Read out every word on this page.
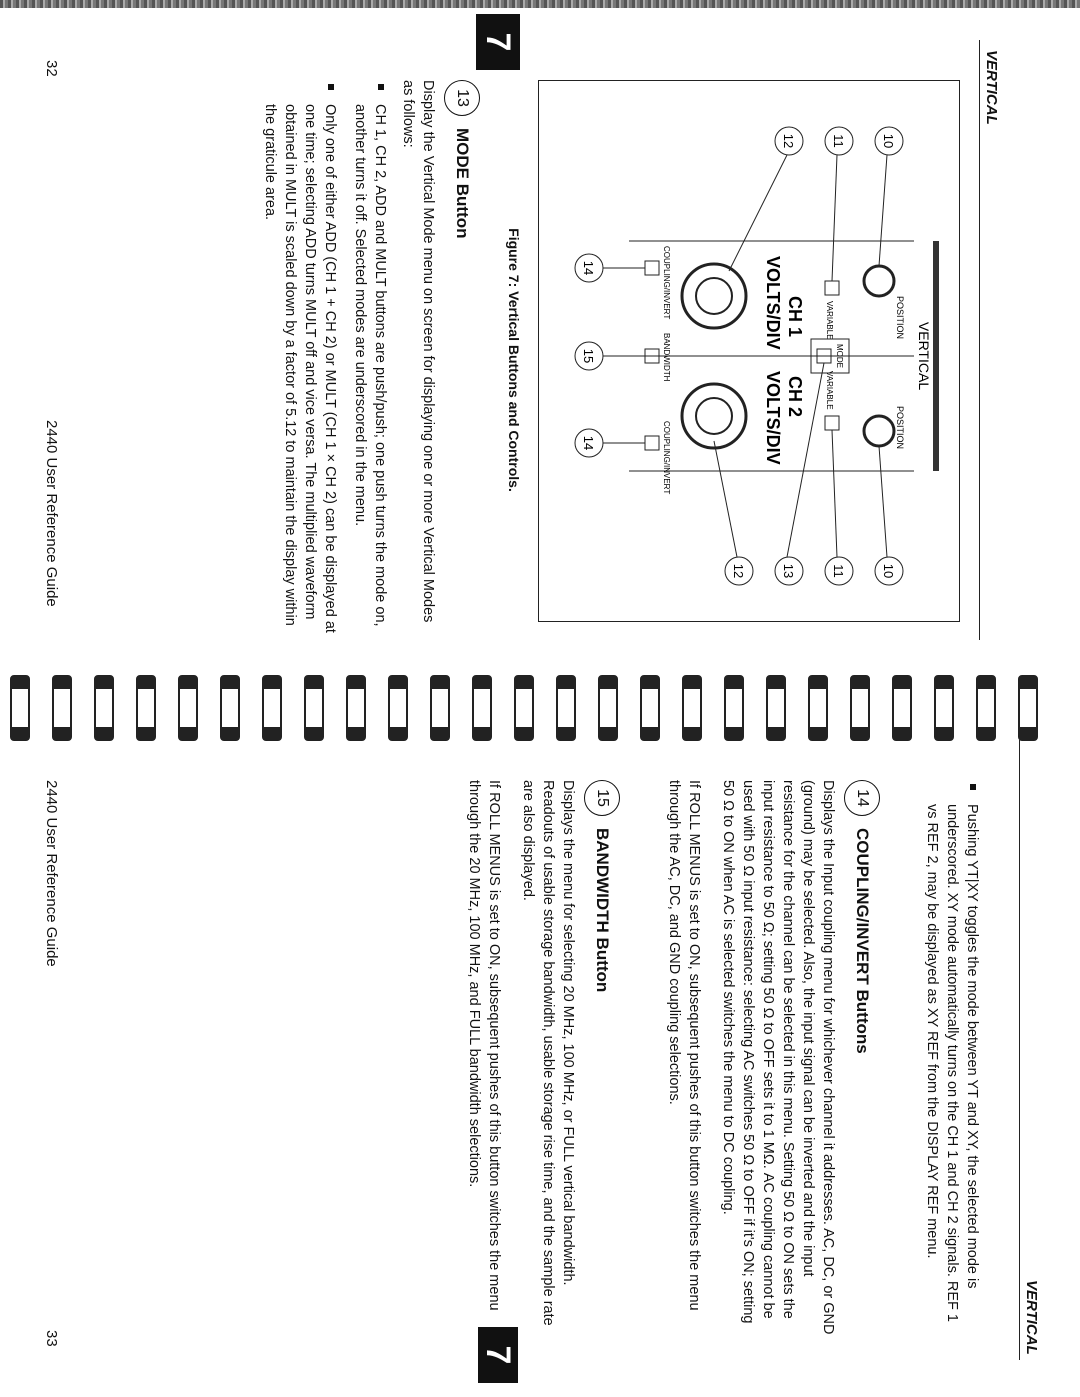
VERTICAL
VERTICAL
POSITION
POSITION
VARIABLE
VARIABLE
MODE
CH 1
CH 2
VOLTS/DIV
VOLTS/DIV
COUPLING/INVERT
BANDWIDTH
COUPLING/INVERT
10
11
12
10
11
13
12
14
15
14
Figure 7: Vertical Buttons and Controls.
13
MODE Button

Display the Vertical Mode menu on screen for displaying one or more Vertical Modes as follows:

CH 1, CH 2, ADD and MULT buttons are push/push; one push turns the mode on, another turns it off. Selected modes are underscored in the menu.
Only one of either ADD (CH 1 + CH 2) or MULT (CH 1 × CH 2) can be displayed at one time; selecting ADD turns MULT off and vice versa. The multiplied waveform obtained in MULT is scaled down by a factor of 5.12 to maintain the display within the graticule area.
2440 User Reference Guide
32
7
7
VERTICAL
Pushing YT|XY toggles the mode between YT and XY, the selected mode is underscored. XY mode automatically turns on the CH 1 and CH 2 signals. REF 1 vs REF 2, may be displayed as XY REF from the DISPLAY REF menu.
14
COUPLING/INVERT Buttons

Displays the Input coupling menu for whichever channel it addresses. AC, DC, or GND (ground) may be selected. Also, the input signal can be inverted and the input resistance for the channel can be selected in this menu. Setting 50 Ω to ON sets the input resistance to 50 Ω; setting 50 Ω to OFF sets it to 1 MΩ. AC coupling cannot be used with 50 Ω input resistance: selecting AC switches 50 Ω to OFF if it's ON; setting 50 Ω to ON when AC is selected switches the menu to DC coupling.

If ROLL MENUS is set to ON, subsequent pushes of this button switches the menu through the AC, DC, and GND coupling selections.

15
BANDWIDTH Button

Displays the menu for selecting 20 MHz, 100 MHz, or FULL vertical bandwidth. Readouts of usable storage bandwidth, usable storage rise time, and the sample rate are also displayed.

If ROLL MENUS is set to ON, subsequent pushes of this button switches the menu through the 20 MHz, 100 MHz, and FULL bandwidth selections.

2440 User Reference Guide
33
